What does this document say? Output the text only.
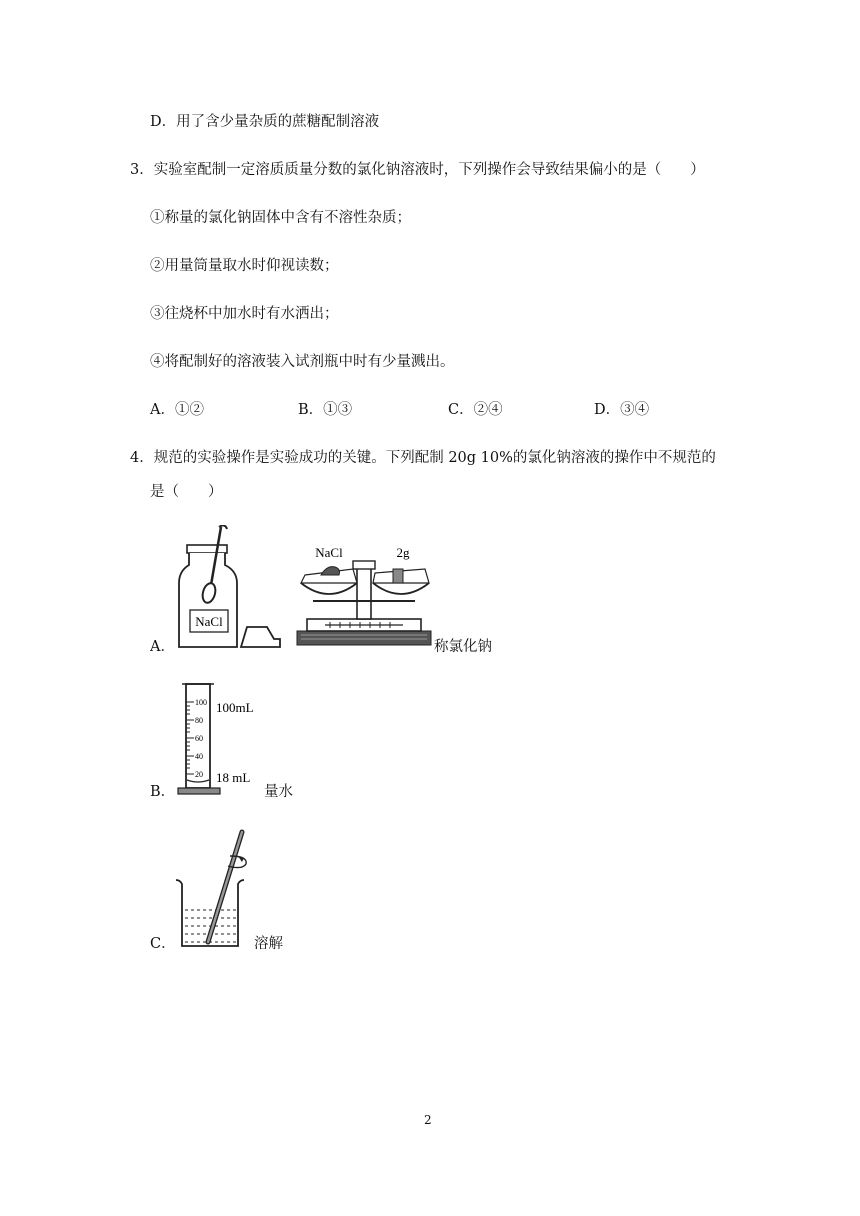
D．用了含少量杂质的蔗糖配制溶液
3．实验室配制一定溶质质量分数的氯化钠溶液时，下列操作会导致结果偏小的是（　　）
①称量的氯化钠固体中含有不溶性杂质；
②用量筒量取水时仰视读数；
③往烧杯中加水时有水洒出；
④将配制好的溶液装入试剂瓶中时有少量溅出。
A．①②	B．①③	C．②④	D．③④
4．规范的实验操作是实验成功的关键。下列配制 20g 10%的氯化钠溶液的操作中不规范的
是（　　）
A．
NaCl
NaCl	2g
称氯化钠
B．
100
80
60
40
20
100mL
18 mL
量水
C．	溶解
2
